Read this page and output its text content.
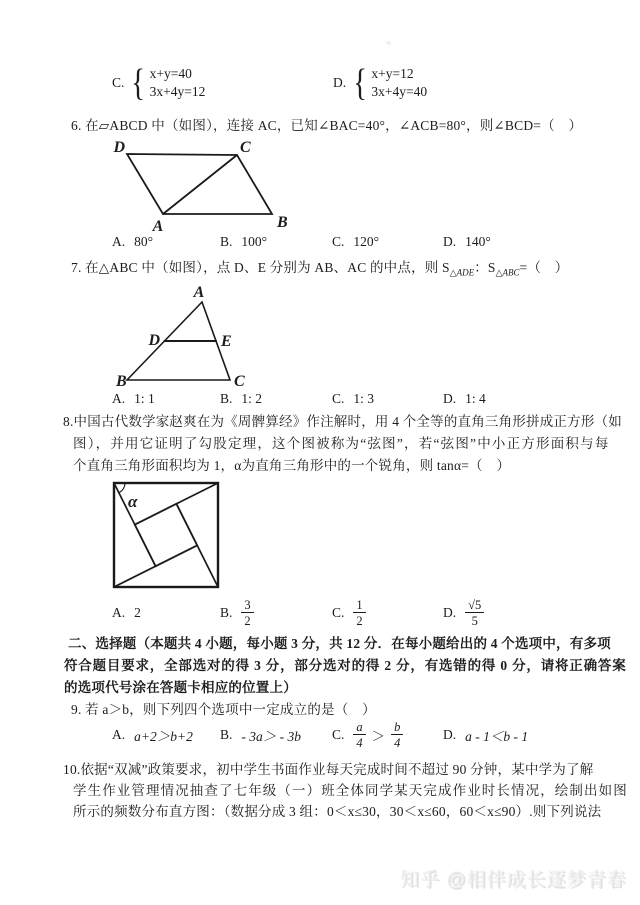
C. { x+y=40
3x+4y=12
D. { x+y=12
3x+4y=40
6. 在▱ABCD 中（如图），连接 AC，已知∠BAC=40°，∠ACB=80°，则∠BCD=（　）
D	C
A	B
A. 80°	B. 100°	C. 120°	D. 140°
7. 在△ABC 中（如图），点 D、E 分别为 AB、AC 的中点，则 $S_{\triangle ADE}$：$S_{\triangle ABC}=$（　）
A
B	C
D	E
A. 1: 1	B. 1: 2	C. 1: 3	D. 1: 4
8.中国古代数学家赵爽在为《周髀算经》作注解时，用 4 个全等的直角三角形拼成正方形（如
图），并用它证明了勾股定理，这个图被称为“弦图”，若“弦图”中小正方形面积与每
个直角三角形面积均为 1，α为直角三角形中的一个锐角，则 tanα=（　）
α
A. 2	B. $\frac{3}{2}$	C. $\frac{1}{2}$	D. $\frac{√5}{5}$
二、选择题（本题共 4 小题，每小题 3 分，共 12 分．在每小题给出的 4 个选项中，有多项
符合题目要求，全部选对的得 3 分，部分选对的得 2 分，有选错的得 0 分，请将正确答案
的选项代号涂在答题卡相应的位置上）
9. 若 a＞b，则下列四个选项中一定成立的是（　）
A. a+2＞b+2 B. - 3a＞ - 3b C. $\frac{a}{4} > \frac{b}{4}$	D. a - 1＜b - 1
10.依据“双减”政策要求，初中学生书面作业每天完成时间不超过 90 分钟，某中学为了解
学生作业管理情况抽查了七年级（一）班全体同学某天完成作业时长情况，绘制出如图
所示的频数分布直方图：（数据分成 3 组：0＜x≤30，30＜x≤60，60＜x≤90）.则下列说法
知乎 @相伴成长逐梦青春
